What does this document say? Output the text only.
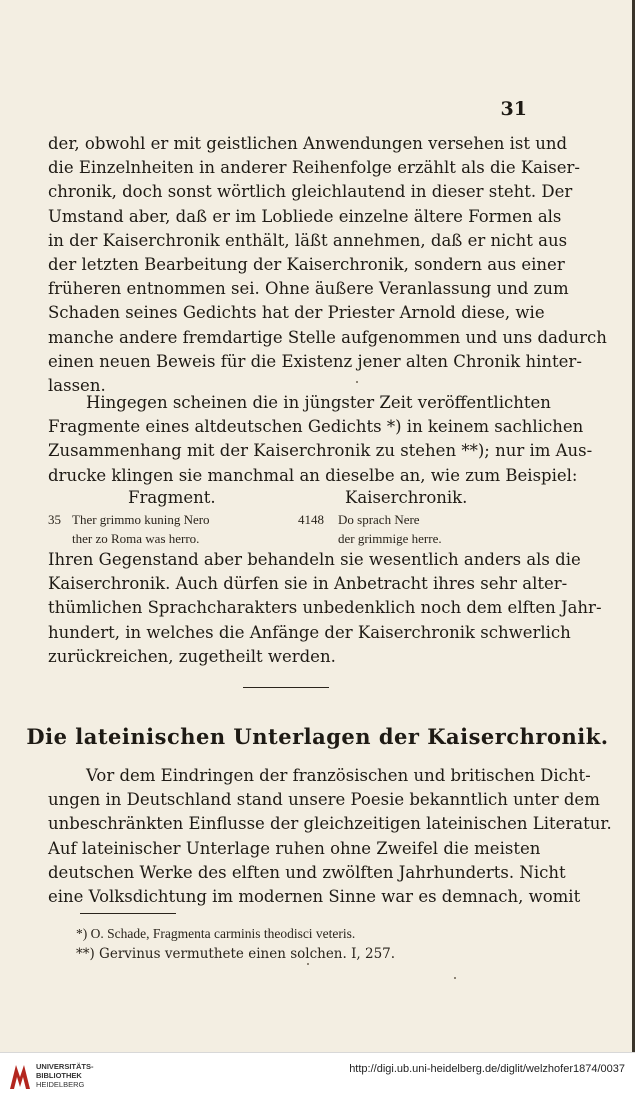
31
der, obwohl er mit geistlichen Anwendungen versehen ist und
die Einzelnheiten in anderer Reihenfolge erzählt als die Kaiser-
chronik, doch sonst wörtlich gleichlautend in dieser steht. Der
Umstand aber, daß er im Lobliede einzelne ältere Formen als
in der Kaiserchronik enthält, läßt annehmen, daß er nicht aus
der letzten Bearbeitung der Kaiserchronik, sondern aus einer
früheren entnommen sei. Ohne äußere Veranlassung und zum
Schaden seines Gedichts hat der Priester Arnold diese, wie
manche andere fremdartige Stelle aufgenommen und uns dadurch
einen neuen Beweis für die Existenz jener alten Chronik hinter-
lassen.
Hingegen scheinen die in jüngster Zeit veröffentlichten
Fragmente eines altdeutschen Gedichts *) in keinem sachlichen
Zusammenhang mit der Kaiserchronik zu stehen **); nur im Aus-
drucke klingen sie manchmal an dieselbe an, wie zum Beispiel:
Fragment.	Kaiserchronik.
35 Ther grimmo kuning Nero	4148 Do sprach Nere
ther zo Roma was herro.	der grimmige herre.
Ihren Gegenstand aber behandeln sie wesentlich anders als die
Kaiserchronik. Auch dürfen sie in Anbetracht ihres sehr alter-
thümlichen Sprachcharakters unbedenklich noch dem elften Jahr-
hundert, in welches die Anfänge der Kaiserchronik schwerlich
zurückreichen, zugetheilt werden.
Die lateinischen Unterlagen der Kaiserchronik.
Vor dem Eindringen der französischen und britischen Dicht-
ungen in Deutschland stand unsere Poesie bekanntlich unter dem
unbeschränkten Einflusse der gleichzeitigen lateinischen Literatur.
Auf lateinischer Unterlage ruhen ohne Zweifel die meisten
deutschen Werke des elften und zwölften Jahrhunderts. Nicht
eine Volksdichtung im modernen Sinne war es demnach, womit
*) O. Schade, Fragmenta carminis theodisci veteris.
**) Gervinus vermuthete einen solchen. I, 257.
UNIVERSITÄTS-
BIBLIOTHEK
HEIDELBERG
http://digi.ub.uni-heidelberg.de/diglit/welzhofer1874/0037
